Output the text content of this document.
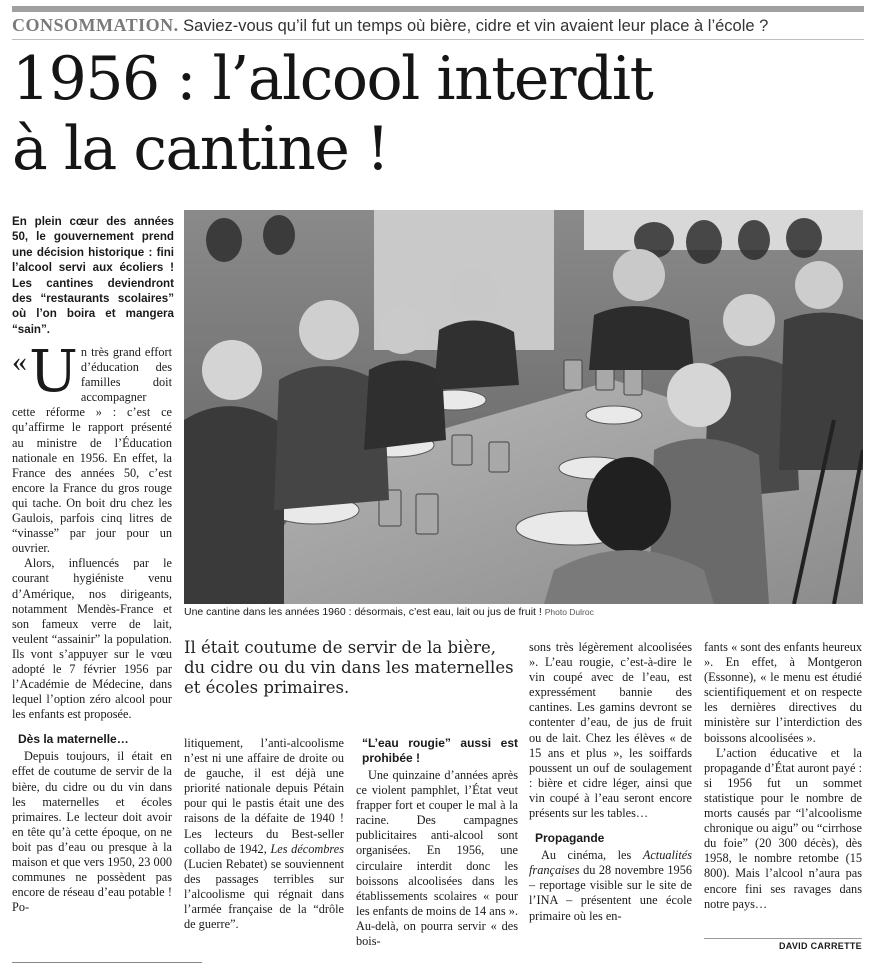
CONSOMMATION. Saviez-vous qu’il fut un temps où bière, cidre et vin avaient leur place à l’école ?
1956 : l’alcool interdit
à la cantine !

En plein cœur des années 50, le gouvernement prend une décision historique : fini l’alcool servi aux écoliers ! Les cantines deviendront des “restaurants scolaires” où l’on boira et mangera “sain”.

« U n très grand effort d’éducation des familles doit accompagner cette réforme » : c’est ce qu’affirme le rapport présenté au ministre de l’Éducation nationale en 1956. En effet, la France des années 50, c’est encore la France du gros rouge qui tache. On boit dru chez les Gaulois, parfois cinq litres de “vinasse” par jour pour un ouvrier.

Alors, influencés par le courant hygiéniste venu d’Amérique, nos dirigeants, notamment Mendès-France et son fameux verre de lait, veulent “assainir” la population. Ils vont s’appuyer sur le vœu adopté le 7 février 1956 par l’Académie de Médecine, dans lequel l’option zéro alcool pour les enfants est proposée.

Dès la maternelle…

Depuis toujours, il était en effet de coutume de servir de la bière, du cidre ou du vin dans les maternelles et écoles primaires. Le lecteur doit avoir en tête qu’à cette époque, on ne boit pas d’eau ou presque à la maison et que vers 1950, 23 000 communes ne possèdent pas encore de réseau d’eau potable ! Po-

Une cantine dans les années 1960 : désormais, c’est eau, lait ou jus de fruit ! Photo Dulroc

Il était coutume de servir de la bière, du cidre ou du vin dans les maternelles et écoles primaires.

litiquement, l’anti-alcoolisme n’est ni une affaire de droite ou de gauche, il est déjà une priorité nationale depuis Pétain pour qui le pastis était une des raisons de la défaite de 1940 ! Les lecteurs du Best-seller collabo de 1942, Les décombres (Lucien Rebatet) se souviennent des passages terribles sur l’alcoolisme qui régnait dans l’armée française de la “drôle de guerre”.

“L’eau rougie” aussi est prohibée !

Une quinzaine d’années après ce violent pamphlet, l’État veut frapper fort et couper le mal à la racine. Des campagnes publicitaires anti-alcool sont organisées. En 1956, une circulaire interdit donc les boissons alcoolisées dans les établissements scolaires « pour les enfants de moins de 14 ans ». Au-delà, on pourra servir « des bois-

sons très légèrement alcoolisées ». L’eau rougie, c’est-à-dire le vin coupé avec de l’eau, est expressément bannie des cantines. Les gamins devront se contenter d’eau, de jus de fruit ou de lait. Chez les élèves « de 15 ans et plus », les soiffards poussent un ouf de soulagement : bière et cidre léger, ainsi que vin coupé à l’eau seront encore présents sur les tables…

Propagande

Au cinéma, les Actualités françaises du 28 novembre 1956 – reportage visible sur le site de l’INA – présentent une école primaire où les en-

fants « sont des enfants heureux ». En effet, à Montgeron (Essonne), « le menu est étudié scientifiquement et on respecte les dernières directives du ministère sur l’interdiction des boissons alcoolisées ».

L’action éducative et la propagande d’État auront payé : si 1956 fut un sommet statistique pour le nombre de morts causés par “l’alcoolisme chronique ou aigu” ou “cirrhose du foie” (20 300 décès), dès 1958, le nombre retombe (15 800). Mais l’alcool n’aura pas encore fini ses ravages dans notre pays…

DAVID CARRETTE
